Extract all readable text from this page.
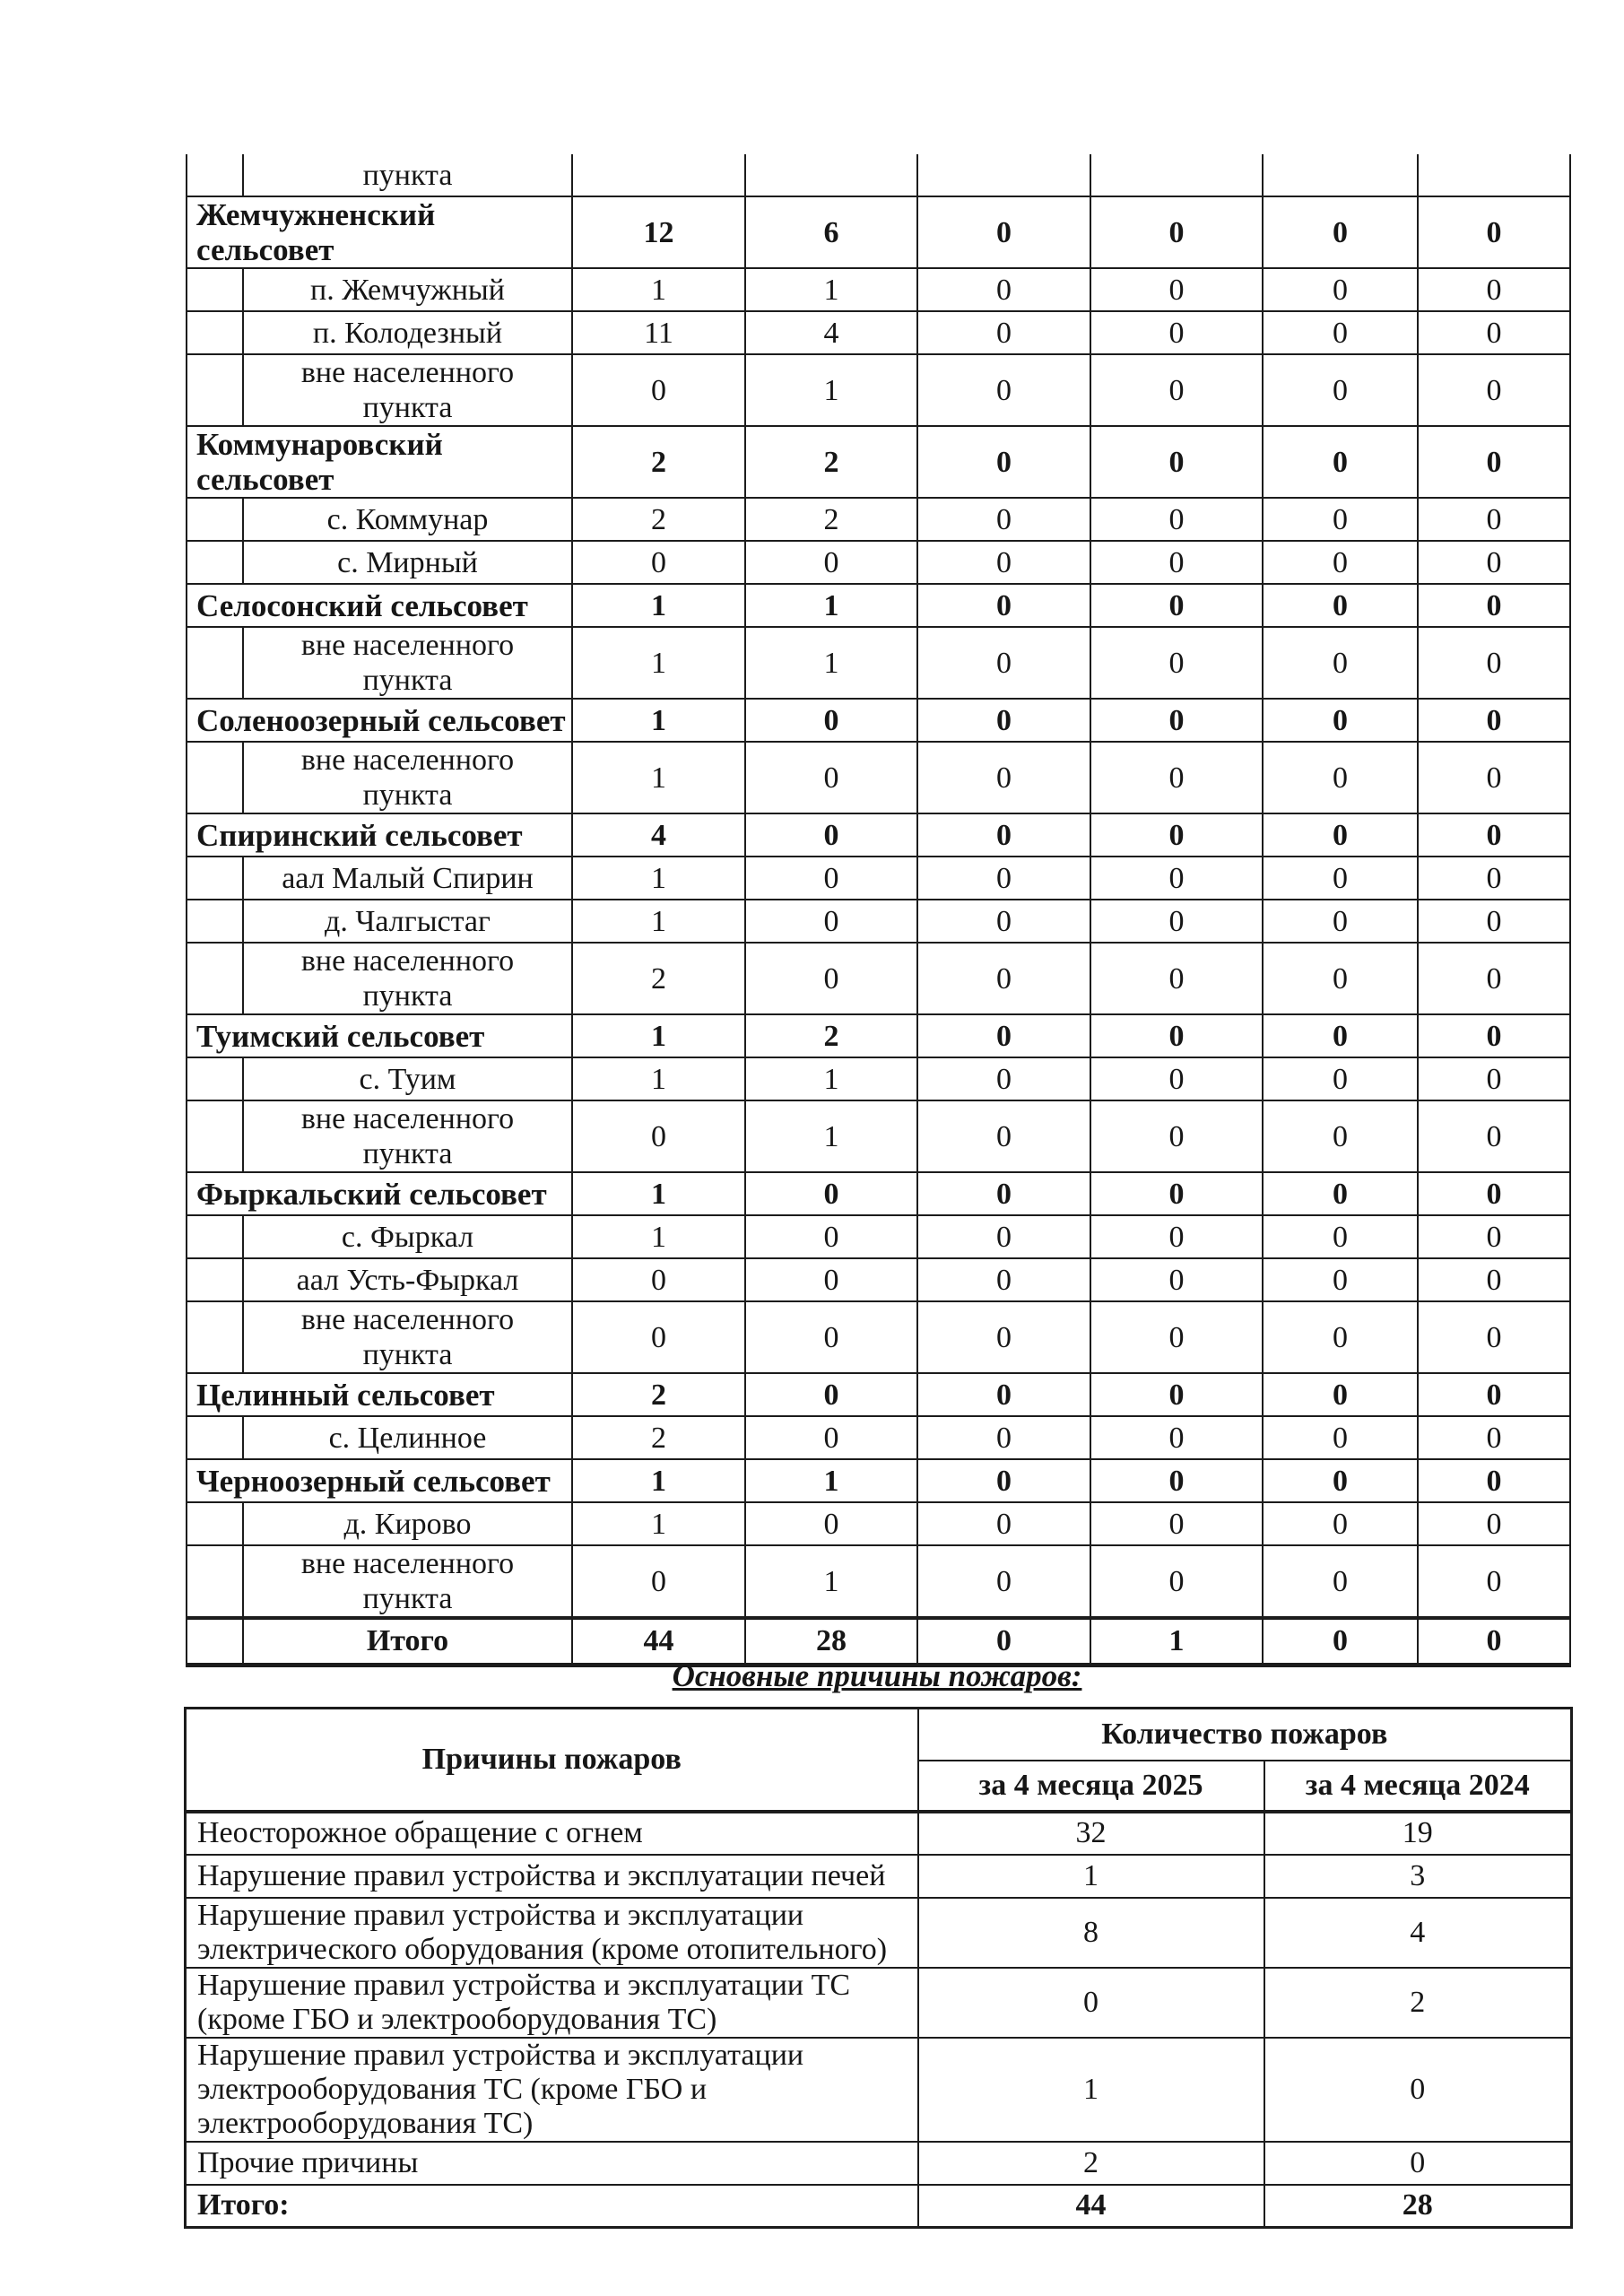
	пункта						
Жемчужненский
сельсовет		12	6	0	0	0	0
	п. Жемчужный	1	1	0	0	0	0
	п. Колодезный	11	4	0	0	0	0
	вне населенного
пункта	0	1	0	0	0	0
Коммунаровский
сельсовет		2	2	0	0	0	0
	с. Коммунар	2	2	0	0	0	0
	с. Мирный	0	0	0	0	0	0
Селосонский сельсовет		1	1	0	0	0	0
	вне населенного
пункта	1	1	0	0	0	0
Соленоозерный сельсовет		1	0	0	0	0	0
	вне населенного
пункта	1	0	0	0	0	0
Спиринский сельсовет		4	0	0	0	0	0
	аал Малый Спирин	1	0	0	0	0	0
	д. Чалгыстаг	1	0	0	0	0	0
	вне населенного
пункта	2	0	0	0	0	0
Туимский сельсовет		1	2	0	0	0	0
	с. Туим	1	1	0	0	0	0
	вне населенного
пункта	0	1	0	0	0	0
Фыркальский сельсовет		1	0	0	0	0	0
	с. Фыркал	1	0	0	0	0	0
	аал Усть-Фыркал	0	0	0	0	0	0
	вне населенного
пункта	0	0	0	0	0	0
Целинный сельсовет		2	0	0	0	0	0
	с. Целинное	2	0	0	0	0	0
Черноозерный сельсовет		1	1	0	0	0	0
	д. Кирово	1	0	0	0	0	0
	вне населенного
пункта	0	1	0	0	0	0
	Итого	44	28	0	1	0	0
Основные причины пожаров:
Причины пожаров	Количество пожаров	
	за 4 месяца 2025	за 4 месяца 2024
Неосторожное обращение с огнем	32	19
Нарушение правил устройства и эксплуатации печей	1	3
Нарушение правил устройства и эксплуатации
электрического оборудования (кроме отопительного)	8	4
Нарушение правил устройства и эксплуатации ТС
(кроме ГБО и электрооборудования ТС)	0	2
Нарушение правил устройства и эксплуатации
электрооборудования ТС (кроме ГБО и
электрооборудования ТС)	1	0
Прочие причины	2	0
Итого:	44	28
